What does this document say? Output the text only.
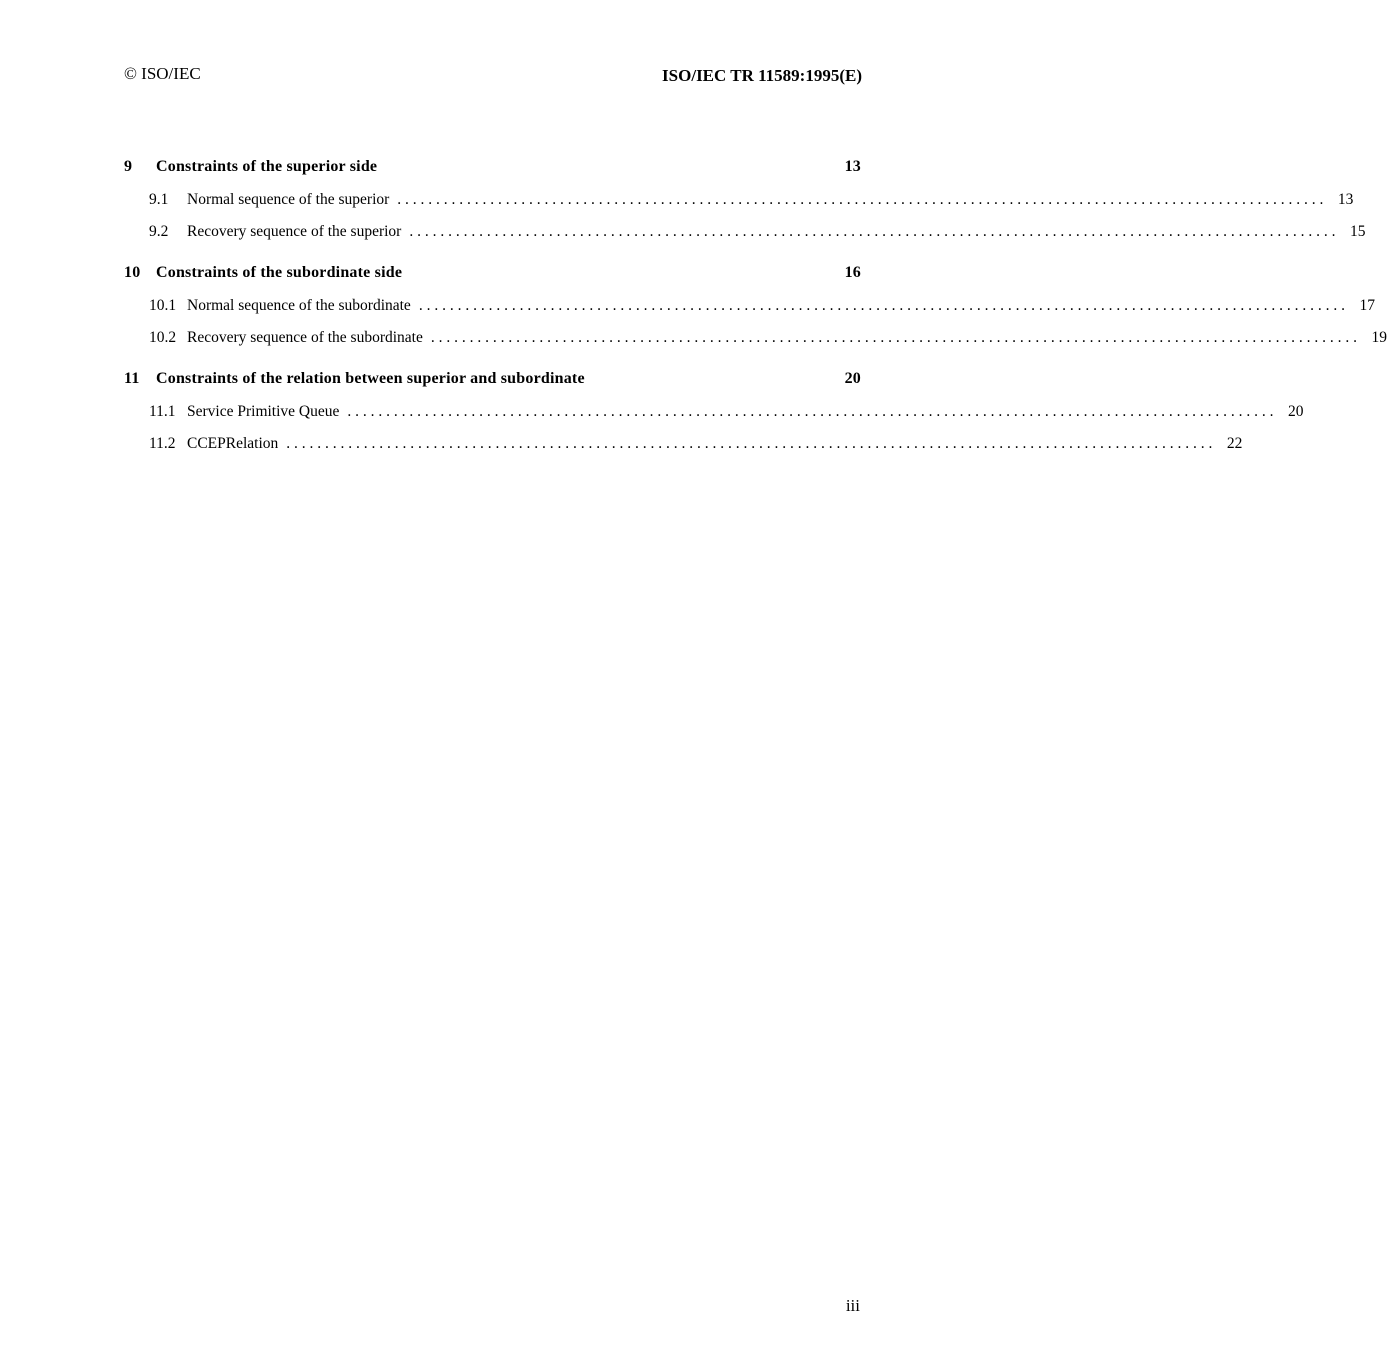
© ISO/IEC	ISO/IEC TR 11589:1995(E)
9	Constraints of the superior side	13
9.1	Normal sequence of the superior . . . . . . . . . . . . . . . . . . . . . . . . . . . . . . . . . . . . . . . . . . . . . . . . . . . . . . . . . . . . . . . . . . . . . . . . . . . . . . . . . . . . . . . . . . . . . . . . . . . . . . . . . . . . . . . . . . . . . . . . 13
9.2	Recovery sequence of the superior . . . . . . . . . . . . . . . . . . . . . . . . . . . . . . . . . . . . . . . . . . . . . . . . . . . . . . . . . . . . . . . . . . . . . . . . . . . . . . . . . . . . . . . . . . . . . . . . . . . . . . . . . . . . . . . . . . . . . . . . 15
10 Constraints of the subordinate side	16
10.1 Normal sequence of the subordinate . . . . . . . . . . . . . . . . . . . . . . . . . . . . . . . . . . . . . . . . . . . . . . . . . . . . . . . . . . . . . . . . . . . . . . . . . . . . . . . . . . . . . . . . . . . . . . . . . . . . . . . . . . . . . . . . . . . . . . . . 17
10.2 Recovery sequence of the subordinate . . . . . . . . . . . . . . . . . . . . . . . . . . . . . . . . . . . . . . . . . . . . . . . . . . . . . . . . . . . . . . . . . . . . . . . . . . . . . . . . . . . . . . . . . . . . . . . . . . . . . . . . . . . . . . . . . . . . . . . . 19
11	Constraints of the relation between superior and subordinate	20
11.1 Service Primitive Queue . . . . . . . . . . . . . . . . . . . . . . . . . . . . . . . . . . . . . . . . . . . . . . . . . . . . . . . . . . . . . . . . . . . . . . . . . . . . . . . . . . . . . . . . . . . . . . . . . . . . . . . . . . . . . . . . . . . . . . . . 20
11.2 CCEPRelation . . . . . . . . . . . . . . . . . . . . . . . . . . . . . . . . . . . . . . . . . . . . . . . . . . . . . . . . . . . . . . . . . . . . . . . . . . . . . . . . . . . . . . . . . . . . . . . . . . . . . . . . . . . . . . . . . . . . . . . . 22
iii
